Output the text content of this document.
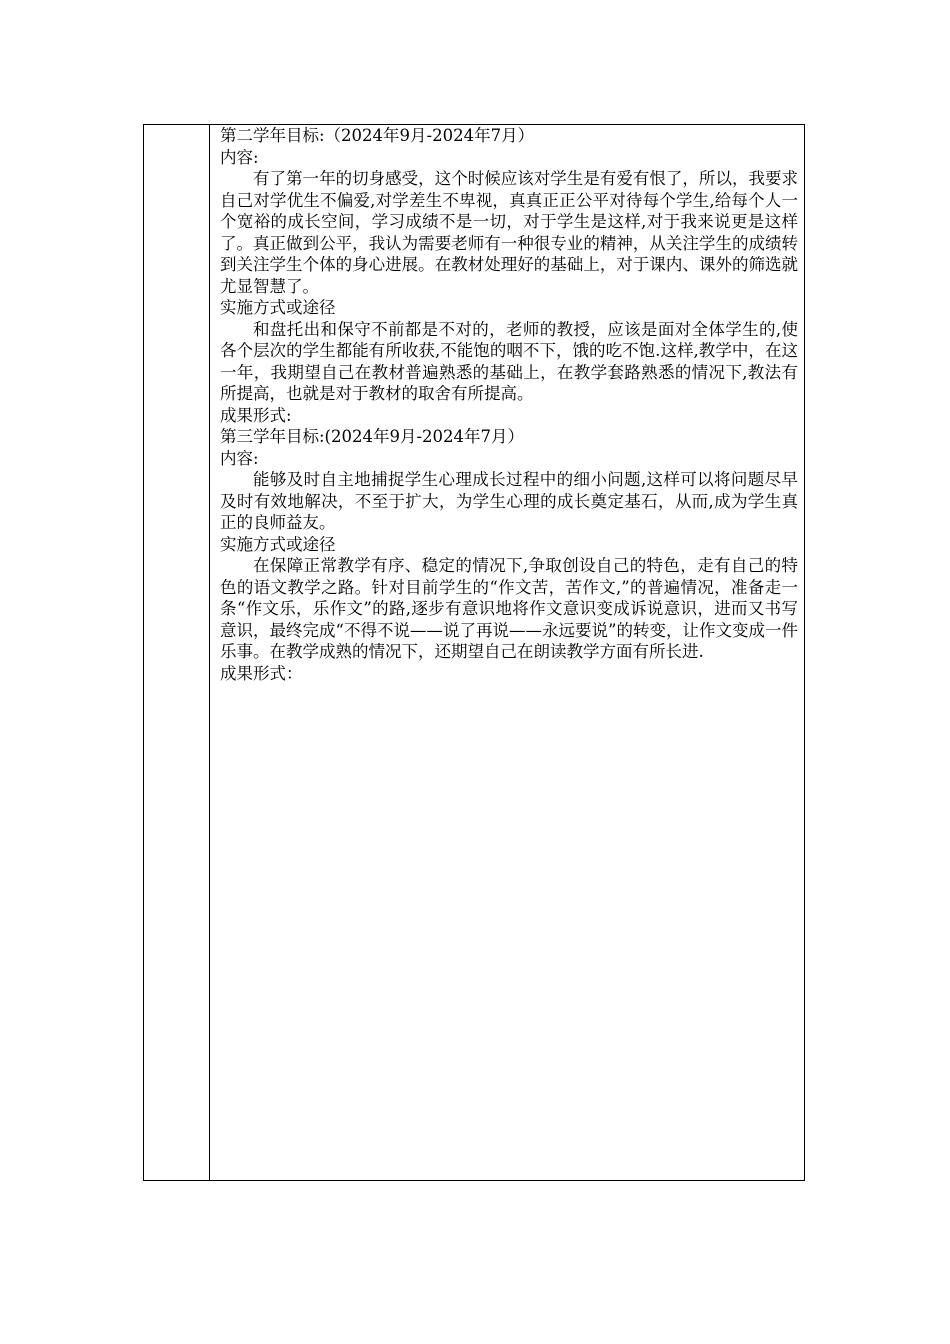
第二学年目标:（2024年9月-2024年7月）

内容:

有了第一年的切身感受，这个时候应该对学生是有爱有恨了，所以，我要求自己对学优生不偏爱,对学差生不卑视，真真正正公平对待每个学生,给每个人一个宽裕的成长空间，学习成绩不是一切，对于学生是这样,对于我来说更是这样了。真正做到公平，我认为需要老师有一种很专业的精神，从关注学生的成绩转到关注学生个体的身心进展。在教材处理好的基础上，对于课内、课外的筛选就尤显智慧了。

实施方式或途径

和盘托出和保守不前都是不对的，老师的教授，应该是面对全体学生的,使各个层次的学生都能有所收获,不能饱的咽不下，饿的吃不饱.这样,教学中，在这一年，我期望自己在教材普遍熟悉的基础上，在教学套路熟悉的情况下,教法有所提高，也就是对于教材的取舍有所提高。

成果形式:

第三学年目标:(2024年9月-2024年7月）

内容:

能够及时自主地捕捉学生心理成长过程中的细小问题,这样可以将问题尽早及时有效地解决，不至于扩大，为学生心理的成长奠定基石，从而,成为学生真正的良师益友。

实施方式或途径

在保障正常教学有序、稳定的情况下,争取创设自己的特色，走有自己的特色的语文教学之路。针对目前学生的“作文苦，苦作文,”的普遍情况，准备走一条“作文乐，乐作文”的路,逐步有意识地将作文意识变成诉说意识，进而又书写意识，最终完成“不得不说——说了再说——永远要说”的转变，让作文变成一件乐事。在教学成熟的情况下，还期望自己在朗读教学方面有所长进.

成果形式：
